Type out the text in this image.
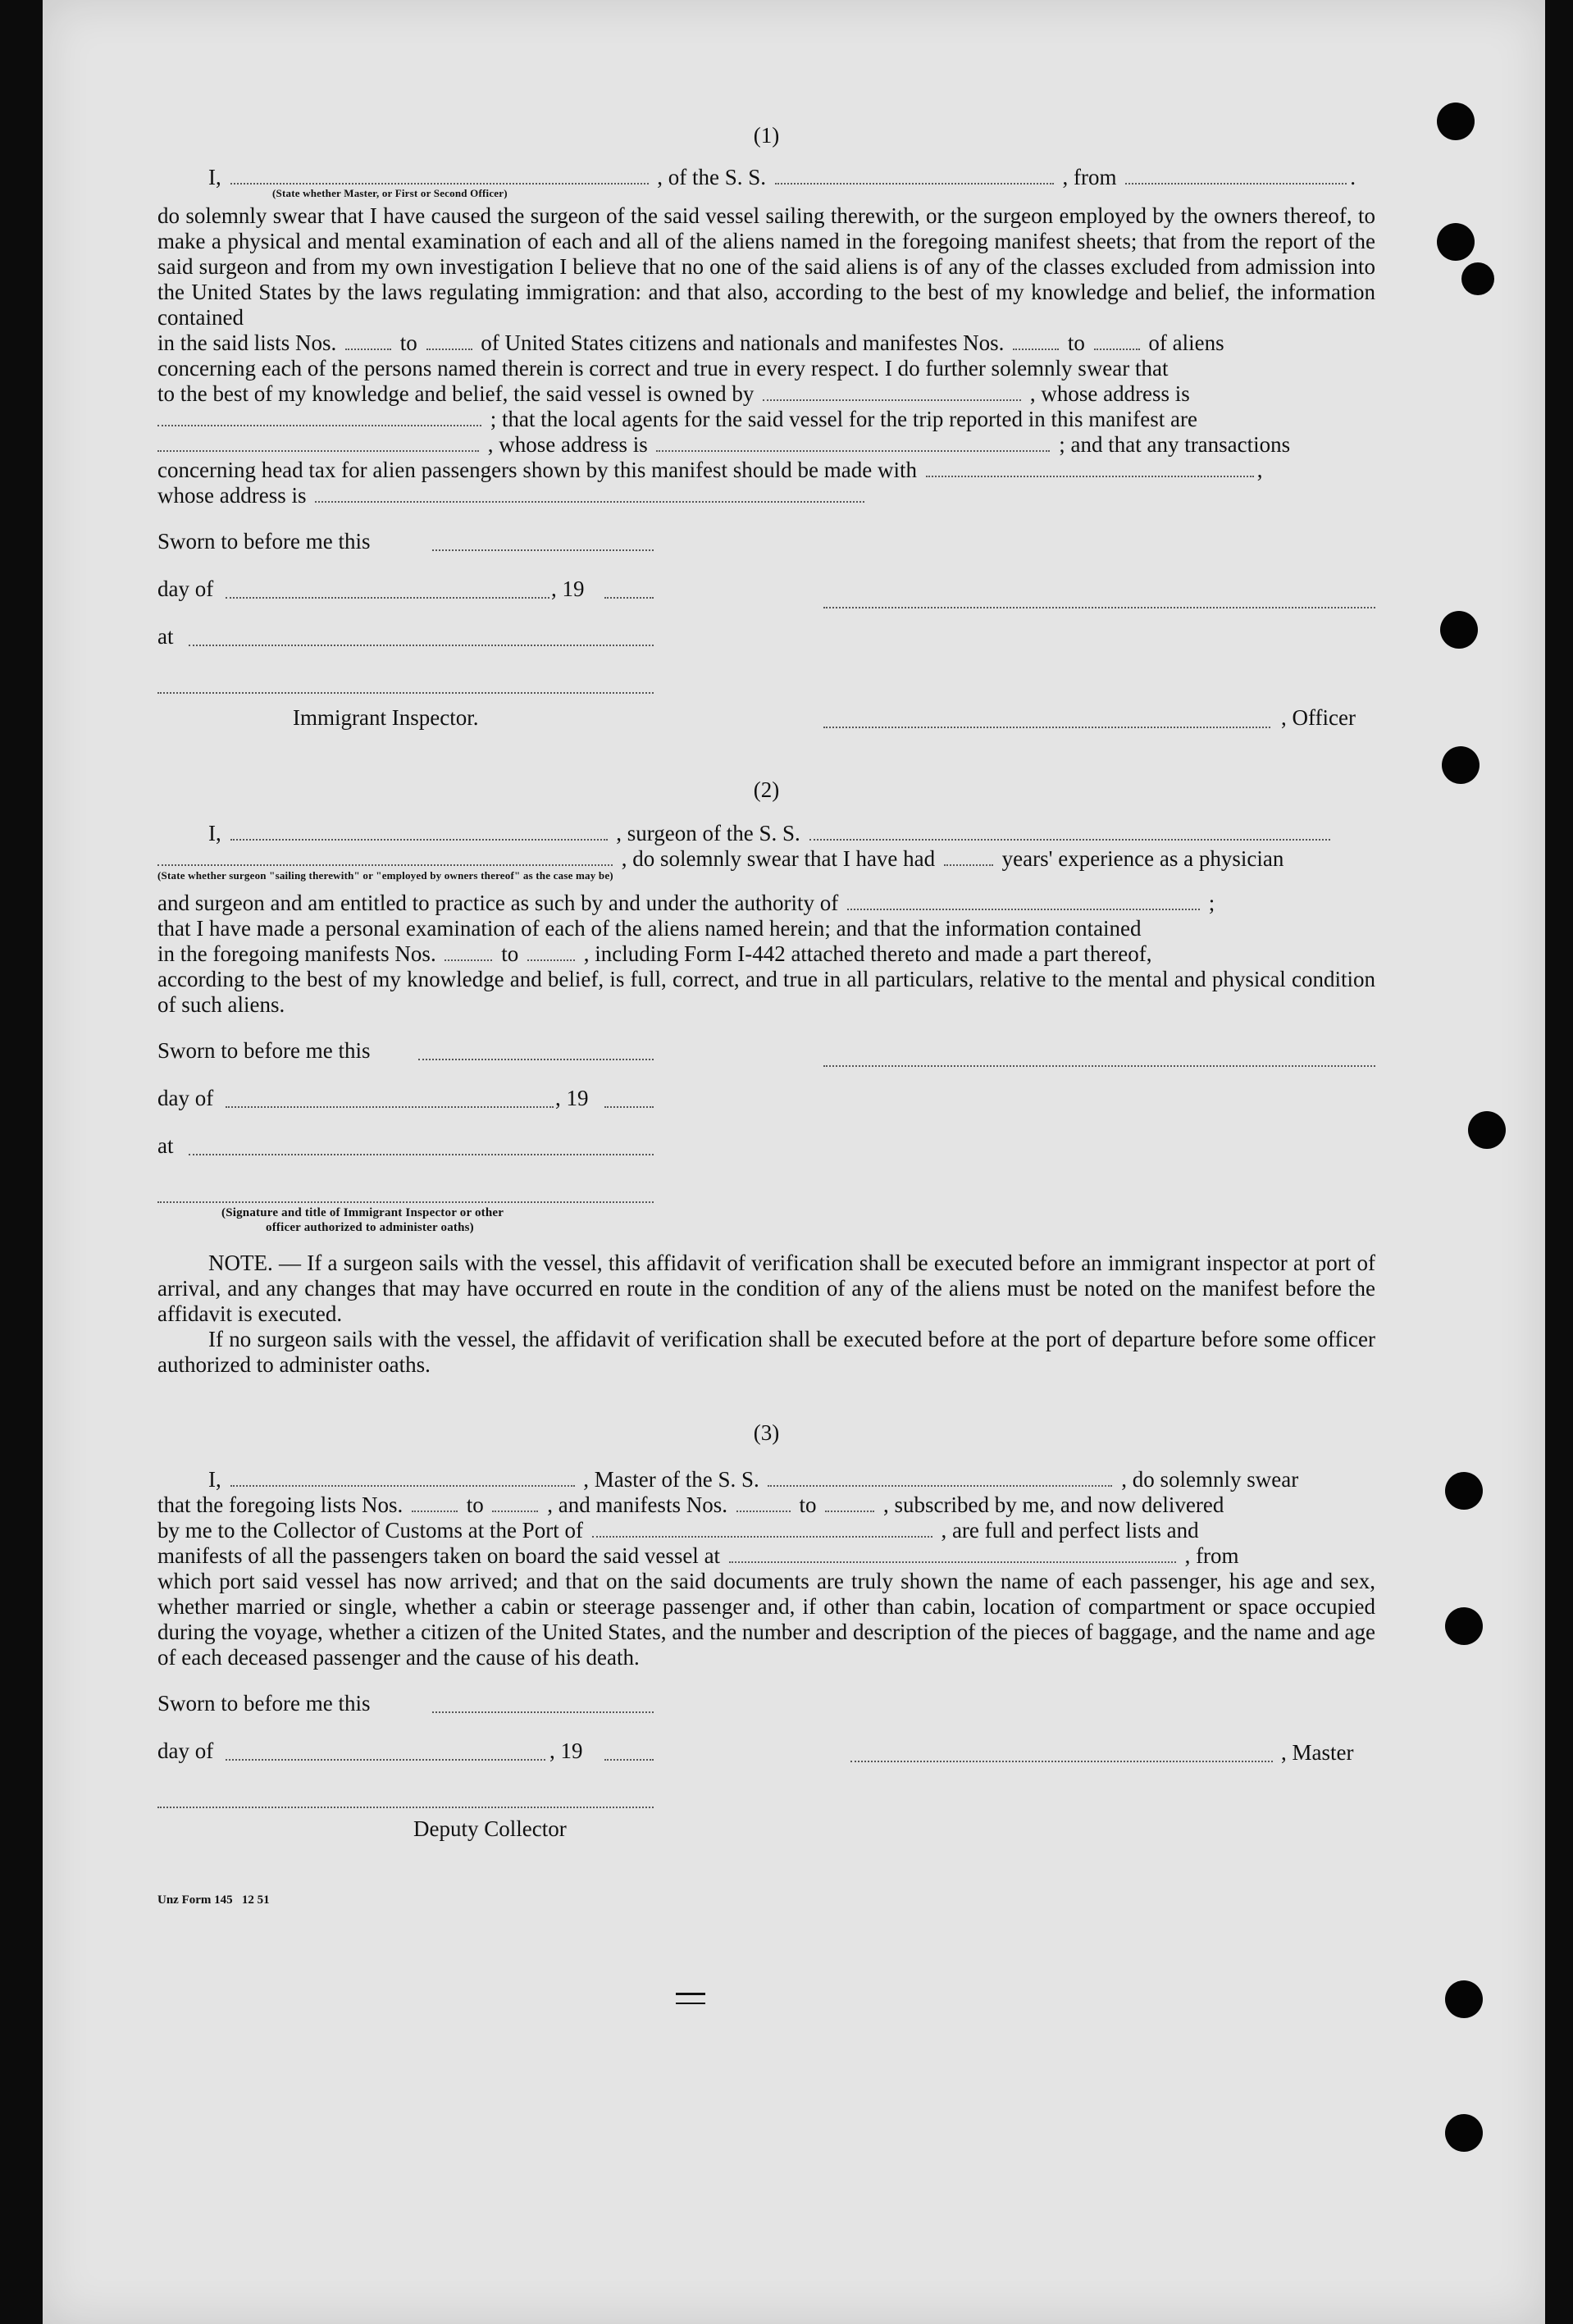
(1)

I,	, of the S. S.	, from	.
(State whether Master, or First or Second Officer)

do solemnly swear that I have caused the surgeon of the said vessel sailing therewith, or the surgeon employed by the owners thereof, to make a physical and mental examination of each and all of the aliens named in the foregoing manifest sheets; that from the report of the said surgeon and from my own investigation I believe that no one of the said aliens is of any of the classes excluded from admission into the United States by the laws regulating immigration: and that also, according to the best of my knowledge and belief, the information contained

in the said lists Nos.	to	of United States citizens and nationals and manifestes Nos.	to	of aliens

concerning each of the persons named therein is correct and true in every respect. I do further solemnly swear that

to the best of my knowledge and belief, the said vessel is owned by	, whose address is
; that the local agents for the said vessel for the trip reported in this manifest are
, whose address is	; and that any transactions
concerning head tax for alien passengers shown by this manifest should be made with	,
whose address is
Sworn to before me this
day of	, 19
at
Immigrant Inspector.	, Officer

(2)

I,	, surgeon of the S. S.
, do solemnly swear that I have had	years' experience as a physician
(State whether surgeon "sailing therewith" or "employed by owners thereof" as the case may be)
and surgeon and am entitled to practice as such by and under the authority of	;

that I have made a personal examination of each of the aliens named herein; and that the information contained

in the foregoing manifests Nos.	to	, including Form I-442 attached thereto and made a part thereof,

according to the best of my knowledge and belief, is full, correct, and true in all particulars, relative to the mental and physical condition of such aliens.

Sworn to before me this
day of	, 19
at
(Signature and title of Immigrant Inspector or other
officer authorized to administer oaths)

NOTE. — If a surgeon sails with the vessel, this affidavit of verification shall be executed before an immigrant inspector at port of arrival, and any changes that may have occurred en route in the condition of any of the aliens must be noted on the manifest before the affidavit is executed.

If no surgeon sails with the vessel, the affidavit of verification shall be executed before at the port of departure before some officer authorized to administer oaths.

(3)

I,	, Master of the S. S.	, do solemnly swear
that the foregoing lists Nos.	to	, and manifests Nos.	to	, subscribed by me, and now delivered
by me to the Collector of Customs at the Port of	, are full and perfect lists and
manifests of all the passengers taken on board the said vessel at	, from

which port said vessel has now arrived; and that on the said documents are truly shown the name of each passenger, his age and sex, whether married or single, whether a cabin or steerage passenger and, if other than cabin, location of compartment or space occupied during the voyage, whether a citizen of the United States, and the number and description of the pieces of baggage, and the name and age of each deceased passenger and the cause of his death.

Sworn to before me this
day of	, 19	, Master
Deputy Collector
Unz Form 145   12 51
